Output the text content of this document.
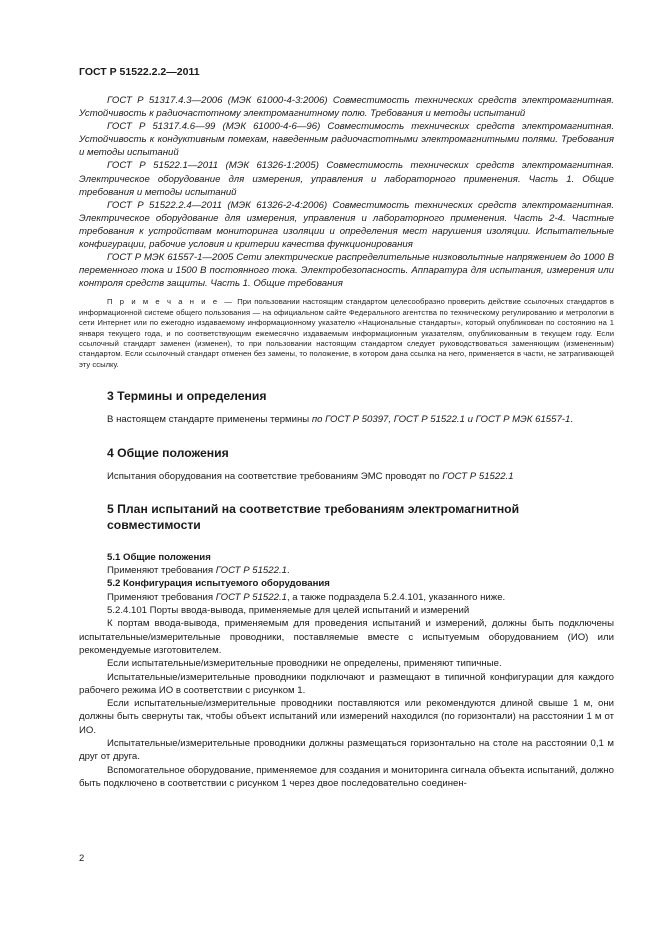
ГОСТ Р 51522.2.2—2011

ГОСТ Р 51317.4.3—2006 (МЭК 61000-4-3:2006) Совместимость технических средств электромагнитная. Устойчивость к радиочастотному электромагнитному полю. Требования и методы испытаний

ГОСТ Р 51317.4.6—99 (МЭК 61000-4-6—96) Совместимость технических средств электромагнитная. Устойчивость к кондуктивным помехам, наведенным радиочастотными электромагнитными полями. Требования и методы испытаний

ГОСТ Р 51522.1—2011 (МЭК 61326-1:2005) Совместимость технических средств электромагнитная. Электрическое оборудование для измерения, управления и лабораторного применения. Часть 1. Общие требования и методы испытаний

ГОСТ Р 51522.2.4—2011 (МЭК 61326-2-4:2006) Совместимость технических средств электромагнитная. Электрическое оборудование для измерения, управления и лабораторного применения. Часть 2-4. Частные требования к устройствам мониторинга изоляции и определения мест нарушения изоляции. Испытательные конфигурации, рабочие условия и критерии качества функционирования

ГОСТ Р МЭК 61557-1—2005 Сети электрические распределительные низковольтные напряжением до 1000 В переменного тока и 1500 В постоянного тока. Электробезопасность. Аппаратура для испытания, измерения или контроля средств защиты. Часть 1. Общие требования

П р и м е ч а н и е — При пользовании настоящим стандартом целесообразно проверить действие ссылочных стандартов в информационной системе общего пользования — на официальном сайте Федерального агентства по техническому регулированию и метрологии в сети Интернет или по ежегодно издаваемому информационному указателю «Национальные стандарты», который опубликован по состоянию на 1 января текущего года, и по соответствующим ежемесячно издаваемым информационным указателям, опубликованным в текущем году. Если ссылочный стандарт заменен (изменен), то при пользовании настоящим стандартом следует руководствоваться заменяющим (измененным) стандартом. Если ссылочный стандарт отменен без замены, то положение, в котором дана ссылка на него, применяется в части, не затрагивающей эту ссылку.
3 Термины и определения

В настоящем стандарте применены термины по ГОСТ Р 50397, ГОСТ Р 51522.1 и ГОСТ Р МЭК 61557-1.

4 Общие положения

Испытания оборудования на соответствие требованиям ЭМС проводят по ГОСТ Р 51522.1

5 План испытаний на соответствие требованиям электромагнитной совместимости
5.1 Общие положения

Применяют требования ГОСТ Р 51522.1.

5.2 Конфигурация испытуемого оборудования

Применяют требования ГОСТ Р 51522.1, а также подраздела 5.2.4.101, указанного ниже.

5.2.4.101 Порты ввода-вывода, применяемые для целей испытаний и измерений

К портам ввода-вывода, применяемым для проведения испытаний и измерений, должны быть подключены испытательные/измерительные проводники, поставляемые вместе с испытуемым оборудованием (ИО) или рекомендуемые изготовителем.

Если испытательные/измерительные проводники не определены, применяют типичные.

Испытательные/измерительные проводники подключают и размещают в типичной конфигурации для каждого рабочего режима ИО в соответствии с рисунком 1.

Если испытательные/измерительные проводники поставляются или рекомендуются длиной свыше 1 м, они должны быть свернуты так, чтобы объект испытаний или измерений находился (по горизонтали) на расстоянии 1 м от ИО.

Испытательные/измерительные проводники должны размещаться горизонтально на столе на расстоянии 0,1 м друг от друга.

Вспомогательное оборудование, применяемое для создания и мониторинга сигнала объекта испытаний, должно быть подключено в соответствии с рисунком 1 через двое последовательно соединен-

2
